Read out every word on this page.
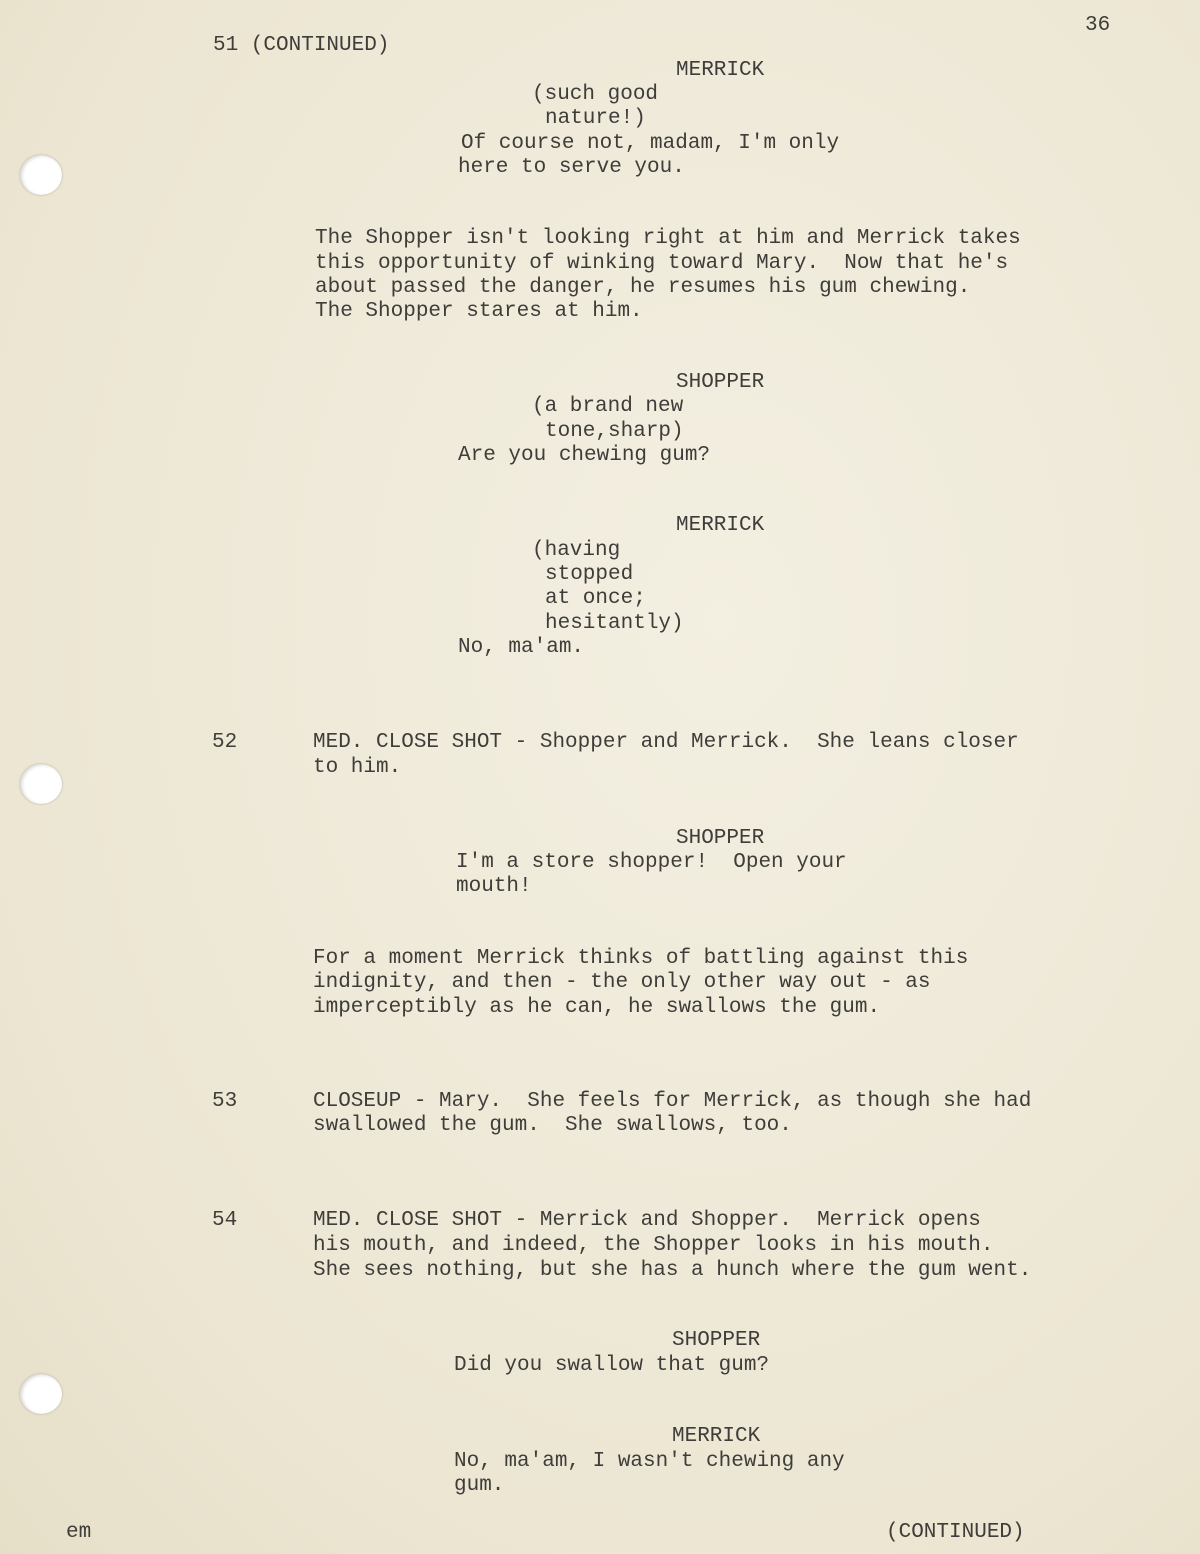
36
51 (CONTINUED)
MERRICK
(such good
nature!)
Of course not, madam, I'm only
here to serve you.
The Shopper isn't looking right at him and Merrick takes
this opportunity of winking toward Mary.  Now that he's
about passed the danger, he resumes his gum chewing.
The Shopper stares at him.
SHOPPER
(a brand new
tone,sharp)
Are you chewing gum?
MERRICK
(having
stopped
at once;
hesitantly)
No, ma'am.
52	MED. CLOSE SHOT - Shopper and Merrick.  She leans closer
to him.
SHOPPER
I'm a store shopper!  Open your
mouth!
For a moment Merrick thinks of battling against this
indignity, and then - the only other way out - as
imperceptibly as he can, he swallows the gum.
53	CLOSEUP - Mary.  She feels for Merrick, as though she had
swallowed the gum.  She swallows, too.
54	MED. CLOSE SHOT - Merrick and Shopper.  Merrick opens
his mouth, and indeed, the Shopper looks in his mouth.
She sees nothing, but she has a hunch where the gum went.
SHOPPER
Did you swallow that gum?
MERRICK
No, ma'am, I wasn't chewing any
gum.
em	(CONTINUED)
